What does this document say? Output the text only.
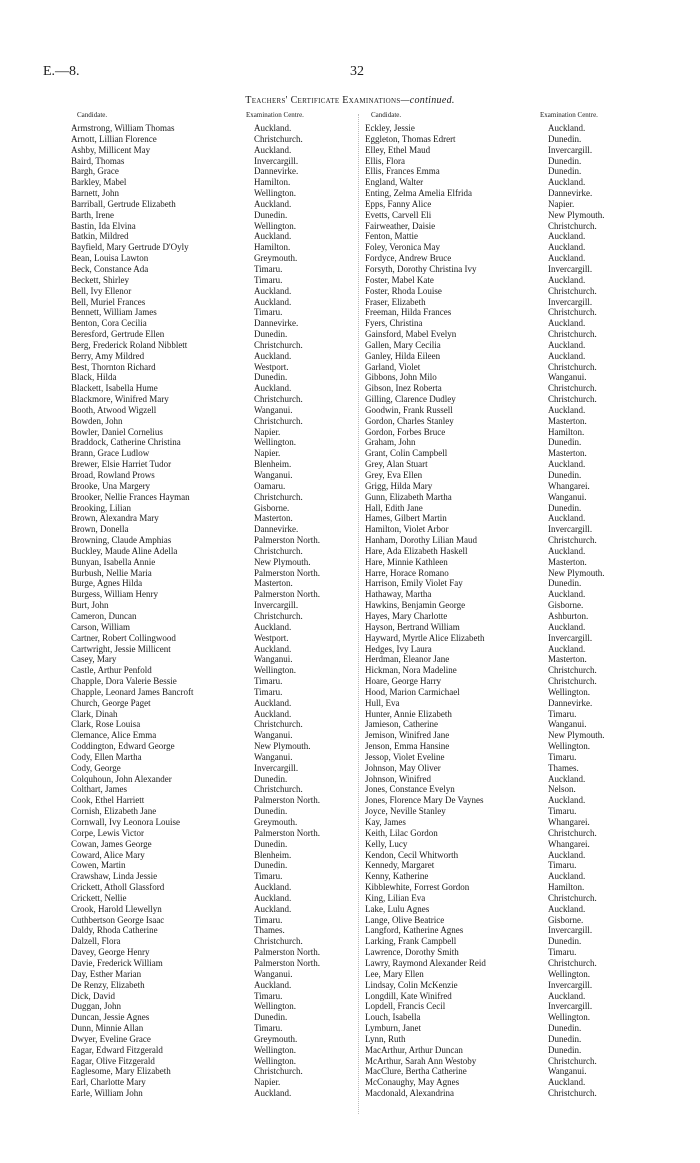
E.—8.	32
Teachers' Certificate Examinations—continued.
Candidate.	Examination Centre.
Armstrong, William Thomas	Auckland.
Arnott, Lillian Florence	Christchurch.
Ashby, Millicent May	Auckland.
Baird, Thomas	Invercargill.
Bargh, Grace	Dannevirke.
Barkley, Mabel	Hamilton.
Barnett, John	Wellington.
Barriball, Gertrude Elizabeth	Auckland.
Barth, Irene	Dunedin.
Bastin, Ida Elvina	Wellington.
Batkin, Mildred	Auckland.
Bayfield, Mary Gertrude D'Oyly	Hamilton.
Bean, Louisa Lawton	Greymouth.
Beck, Constance Ada	Timaru.
Beckett, Shirley	Timaru.
Bell, Ivy Ellenor	Auckland.
Bell, Muriel Frances	Auckland.
Bennett, William James	Timaru.
Benton, Cora Cecilia	Dannevirke.
Beresford, Gertrude Ellen	Dunedin.
Berg, Frederick Roland Nibblett	Christchurch.
Berry, Amy Mildred	Auckland.
Best, Thornton Richard	Westport.
Black, Hilda	Dunedin.
Blackett, Isabella Hume	Auckland.
Blackmore, Winifred Mary	Christchurch.
Booth, Atwood Wigzell	Wanganui.
Bowden, John	Christchurch.
Bowler, Daniel Cornelius	Napier.
Braddock, Catherine Christina	Wellington.
Brann, Grace Ludlow	Napier.
Brewer, Elsie Harriet Tudor	Blenheim.
Broad, Rowland Prows	Wanganui.
Brooke, Una Margery	Oamaru.
Brooker, Nellie Frances Hayman	Christchurch.
Brooking, Lilian	Gisborne.
Brown, Alexandra Mary	Masterton.
Brown, Donella	Dannevirke.
Browning, Claude Amphias	Palmerston North.
Buckley, Maude Aline Adella	Christchurch.
Bunyan, Isabella Annie	New Plymouth.
Burbush, Nellie Maria	Palmerston North.
Burge, Agnes Hilda	Masterton.
Burgess, William Henry	Palmerston North.
Burt, John	Invercargill.
Cameron, Duncan	Christchurch.
Carson, William	Auckland.
Cartner, Robert Collingwood	Westport.
Cartwright, Jessie Millicent	Auckland.
Casey, Mary	Wanganui.
Castle, Arthur Penfold	Wellington.
Chapple, Dora Valerie Bessie	Timaru.
Chapple, Leonard James Bancroft	Timaru.
Church, George Paget	Auckland.
Clark, Dinah	Auckland.
Clark, Rose Louisa	Christchurch.
Clemance, Alice Emma	Wanganui.
Coddington, Edward George	New Plymouth.
Cody, Ellen Martha	Wanganui.
Cody, George	Invercargill.
Colquhoun, John Alexander	Dunedin.
Colthart, James	Christchurch.
Cook, Ethel Harriett	Palmerston North.
Cornish, Elizabeth Jane	Dunedin.
Cornwall, Ivy Leonora Louise	Greymouth.
Corpe, Lewis Victor	Palmerston North.
Cowan, James George	Dunedin.
Coward, Alice Mary	Blenheim.
Cowen, Martin	Dunedin.
Crawshaw, Linda Jessie	Timaru.
Crickett, Atholl Glassford	Auckland.
Crickett, Nellie	Auckland.
Crook, Harold Llewellyn	Auckland.
Cuthbertson George Isaac	Timaru.
Daldy, Rhoda Catherine	Thames.
Dalzell, Flora	Christchurch.
Davey, George Henry	Palmerston North.
Davie, Frederick William	Palmerston North.
Day, Esther Marian	Wanganui.
De Renzy, Elizabeth	Auckland.
Dick, David	Timaru.
Duggan, John	Wellington.
Duncan, Jessie Agnes	Dunedin.
Dunn, Minnie Allan	Timaru.
Dwyer, Eveline Grace	Greymouth.
Eagar, Edward Fitzgerald	Wellington.
Eagar, Olive Fitzgerald	Wellington.
Eaglesome, Mary Elizabeth	Christchurch.
Earl, Charlotte Mary	Napier.
Earle, William John	Auckland.
Candidate.	Examination Centre.
Eckley, Jessie	Auckland.
Eggleton, Thomas Edrert	Dunedin.
Elley, Ethel Maud	Invercargill.
Ellis, Flora	Dunedin.
Ellis, Frances Emma	Dunedin.
England, Walter	Auckland.
Enting, Zelma Amelia Elfrida	Dannevirke.
Epps, Fanny Alice	Napier.
Evetts, Carvell Eli	New Plymouth.
Fairweather, Daisie	Christchurch.
Fenton, Mattie	Auckland.
Foley, Veronica May	Auckland.
Fordyce, Andrew Bruce	Auckland.
Forsyth, Dorothy Christina Ivy	Invercargill.
Foster, Mabel Kate	Auckland.
Foster, Rhoda Louise	Christchurch.
Fraser, Elizabeth	Invercargill.
Freeman, Hilda Frances	Christchurch.
Fyers, Christina	Auckland.
Gainsford, Mabel Evelyn	Christchurch.
Gallen, Mary Cecilia	Auckland.
Ganley, Hilda Eileen	Auckland.
Garland, Violet	Christchurch.
Gibbons, John Milo	Wanganui.
Gibson, Inez Roberta	Christchurch.
Gilling, Clarence Dudley	Christchurch.
Goodwin, Frank Russell	Auckland.
Gordon, Charles Stanley	Masterton.
Gordon, Forbes Bruce	Hamilton.
Graham, John	Dunedin.
Grant, Colin Campbell	Masterton.
Grey, Alan Stuart	Auckland.
Grey, Eva Ellen	Dunedin.
Grigg, Hilda Mary	Whangarei.
Gunn, Elizabeth Martha	Wanganui.
Hall, Edith Jane	Dunedin.
Hames, Gilbert Martin	Auckland.
Hamilton, Violet Arbor	Invercargill.
Hanham, Dorothy Lilian Maud	Christchurch.
Hare, Ada Elizabeth Haskell	Auckland.
Hare, Minnie Kathleen	Masterton.
Harre, Horace Romano	New Plymouth.
Harrison, Emily Violet Fay	Dunedin.
Hathaway, Martha	Auckland.
Hawkins, Benjamin George	Gisborne.
Hayes, Mary Charlotte	Ashburton.
Hayson, Bertrand William	Auckland.
Hayward, Myrtle Alice Elizabeth	Invercargill.
Hedges, Ivy Laura	Auckland.
Herdman, Eleanor Jane	Masterton.
Hickman, Nora Madeline	Christchurch.
Hoare, George Harry	Christchurch.
Hood, Marion Carmichael	Wellington.
Hull, Eva	Dannevirke.
Hunter, Annie Elizabeth	Timaru.
Jamieson, Catherine	Wanganui.
Jemison, Winifred Jane	New Plymouth.
Jenson, Emma Hansine	Wellington.
Jessop, Violet Eveline	Timaru.
Johnson, May Oliver	Thames.
Johnson, Winifred	Auckland.
Jones, Constance Evelyn	Nelson.
Jones, Florence Mary De Vaynes	Auckland.
Joyce, Neville Stanley	Timaru.
Kay, James	Whangarei.
Keith, Lilac Gordon	Christchurch.
Kelly, Lucy	Whangarei.
Kendon, Cecil Whitworth	Auckland.
Kennedy, Margaret	Timaru.
Kenny, Katherine	Auckland.
Kibblewhite, Forrest Gordon	Hamilton.
King, Lilian Eva	Christchurch.
Lake, Lulu Agnes	Auckland.
Lange, Olive Beatrice	Gisborne.
Langford, Katherine Agnes	Invercargill.
Larking, Frank Campbell	Dunedin.
Lawrence, Dorothy Smith	Timaru.
Lawry, Raymond Alexander Reid	Christchurch.
Lee, Mary Ellen	Wellington.
Lindsay, Colin McKenzie	Invercargill.
Longdill, Kate Winifred	Auckland.
Lopdell, Francis Cecil	Invercargill.
Louch, Isabella	Wellington.
Lymburn, Janet	Dunedin.
Lynn, Ruth	Dunedin.
MacArthur, Arthur Duncan	Dunedin.
McArthur, Sarah Ann Westoby	Christchurch.
MacClure, Bertha Catherine	Wanganui.
McConaughy, May Agnes	Auckland.
Macdonald, Alexandrina	Christchurch.
